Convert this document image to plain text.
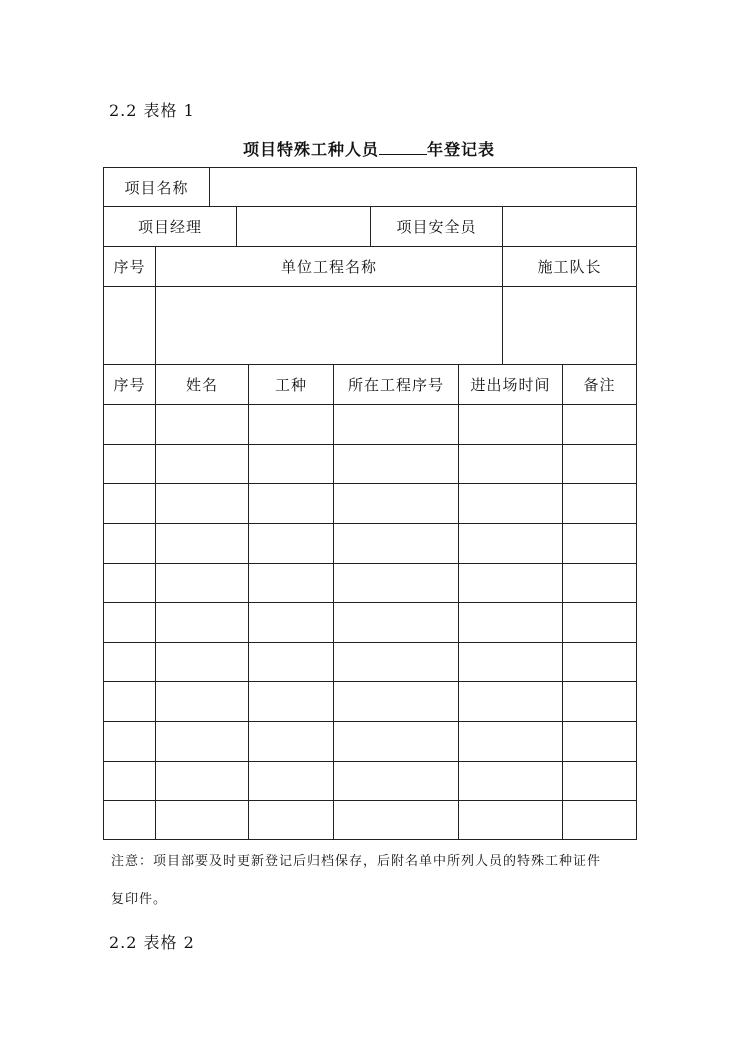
2.2 表格 1
项目特殊工种人员	年登记表
项目名称
项目经理	项目安全员
序号	单位工程名称	施工队长
序号	姓名	工种	所在工程序号	进出场时间	备注
注意：项目部要及时更新登记后归档保存，后附名单中所列人员的特殊工种证件
复印件。
2.2 表格 2
